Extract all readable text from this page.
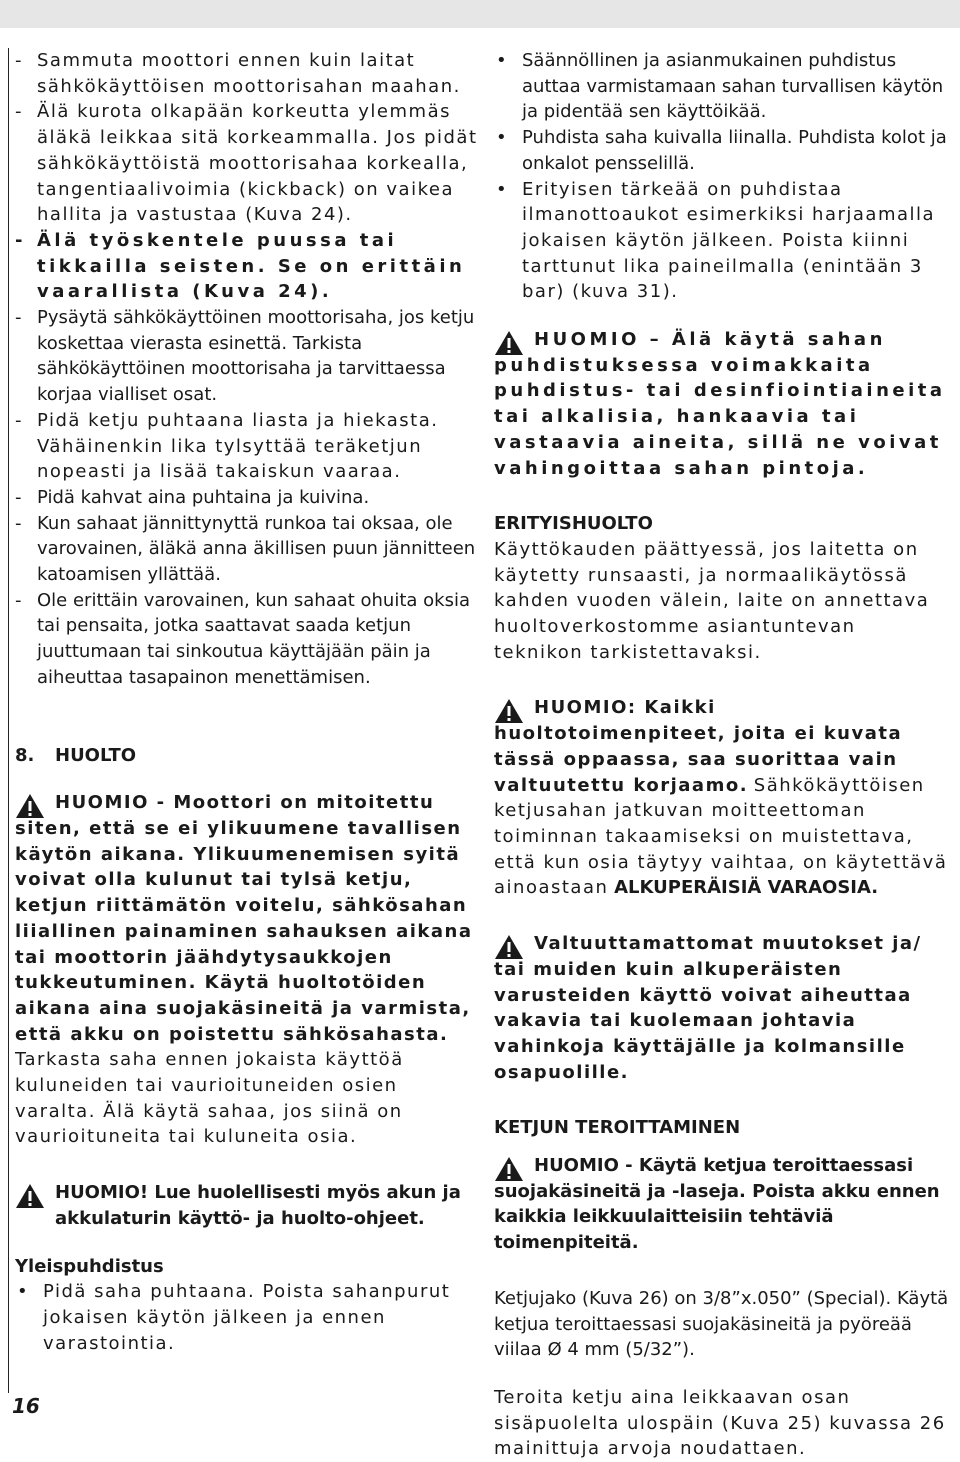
- Sammuta moottori ennen kuin laitat sähkökäyttöisen moottorisahan maahan.

- Älä kurota olkapään korkeutta ylemmäs äläkä leikkaa sitä korkeammalla. Jos pidät sähkökäyttöistä moottorisahaa korkealla, tangentiaalivoimia (kickback) on vaikea hallita ja vastustaa (Kuva 24).

- Älä työskentele puussa tai tikkailla seisten. Se on erittäin vaarallista (Kuva 24).

- Pysäytä sähkökäyttöinen moottorisaha, jos ketju koskettaa vierasta esinettä. Tarkista sähkökäyttöinen moottorisaha ja tarvittaessa korjaa vialliset osat.

- Pidä ketju puhtaana liasta ja hiekasta. Vähäinenkin lika tylsyttää teräketjun nopeasti ja lisää takaiskun vaaraa.

- Pidä kahvat aina puhtaina ja kuivina.

- Kun sahaat jännittynyttä runkoa tai oksaa, ole varovainen, äläkä anna äkillisen puun jännitteen katoamisen yllättää.

- Ole erittäin varovainen, kun sahaat ohuita oksia tai pensaita, jotka saattavat saada ketjun juuttumaan tai sinkoutua käyttäjään päin ja aiheuttaa tasapainon menettämisen.

8. HUOLTO

HUOMIO - Moottori on mitoitettu siten, että se ei ylikuumene tavallisen käytön aikana. Ylikuumenemisen syitä voivat olla kulunut tai tylsä ketju, ketjun riittämätön voitelu, sähkösahan liiallinen painaminen sahauksen aikana tai moottorin jäähdytysaukkojen tukkeutuminen. Käytä huoltotöiden aikana aina suojakäsineitä ja varmista, että akku on poistettu sähkösahasta.

Tarkasta saha ennen jokaista käyttöä kuluneiden tai vaurioituneiden osien varalta. Älä käytä sahaa, jos siinä on vaurioituneita tai kuluneita osia.

HUOMIO! Lue huolellisesti myös akun ja akkulaturin käyttö- ja huolto-ohjeet.

Yleispuhdistus

• Pidä saha puhtaana. Poista sahanpurut jokaisen käytön jälkeen ja ennen varastointia.

• Säännöllinen ja asianmukainen puhdistus auttaa varmistamaan sahan turvallisen käytön ja pidentää sen käyttöikää.

• Puhdista saha kuivalla liinalla. Puhdista kolot ja onkalot pensselillä.

• Erityisen tärkeää on puhdistaa ilmanottoaukot esimerkiksi harjaamalla jokaisen käytön jälkeen. Poista kiinni tarttunut lika paineilmalla (enintään 3 bar) (kuva 31).

HUOMIO – Älä käytä sahan puhdistuksessa voimakkaita puhdistus- tai desinfiointiaineita tai alkalisia, hankaavia tai vastaavia aineita, sillä ne voivat vahingoittaa sahan pintoja.

ERITYISHUOLTO

Käyttökauden päättyessä, jos laitetta on käytetty runsaasti, ja normaalikäytössä kahden vuoden välein, laite on annettava huoltoverkostomme asiantuntevan teknikon tarkistettavaksi.

HUOMIO: Kaikki huoltotoimenpiteet, joita ei kuvata tässä oppaassa, saa suorittaa vain valtuutettu korjaamo. Sähkökäyttöisen ketjusahan jatkuvan moitteettoman toiminnan takaamiseksi on muistettava, että kun osia täytyy vaihtaa, on käytettävä ainoastaan ALKUPERÄISIÄ VARAOSIA.

Valtuuttamattomat muutokset ja/ tai muiden kuin alkuperäisten varusteiden käyttö voivat aiheuttaa vakavia tai kuolemaan johtavia vahinkoja käyttäjälle ja kolmansille osapuolille.

KETJUN TEROITTAMINEN

HUOMIO - Käytä ketjua teroittaessasi suojakäsineitä ja -laseja. Poista akku ennen kaikkia leikkuulaitteisiin tehtäviä toimenpiteitä.

Ketjujako (Kuva 26) on 3/8”x.050” (Special). Käytä ketjua teroittaessasi suojakäsineitä ja pyöreää viilaa Ø 4 mm (5/32”).

Teroita ketju aina leikkaavan osan sisäpuolelta ulospäin (Kuva 25) kuvassa 26 mainittuja arvoja noudattaen.

16
